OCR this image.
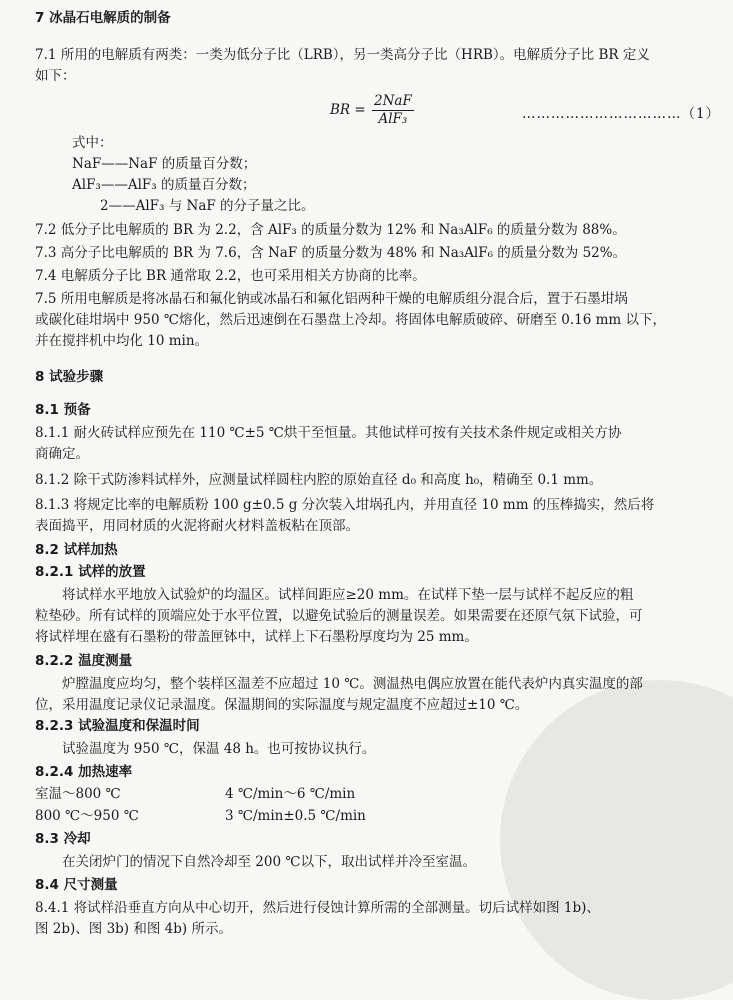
7 冰晶石电解质的制备
7.1 所用的电解质有两类：一类为低分子比（LRB），另一类高分子比（HRB）。电解质分子比 BR 定义
如下：
BR = $\frac{\text{2NaF}}{\text{AlF₃}}$	……………………………（1）
式中：
NaF——NaF 的质量百分数；
AlF₃——AlF₃ 的质量百分数；
2——AlF₃ 与 NaF 的分子量之比。
7.2 低分子比电解质的 BR 为 2.2，含 AlF₃ 的质量分数为 12% 和 Na₃AlF₆ 的质量分数为 88%。
7.3 高分子比电解质的 BR 为 7.6，含 NaF 的质量分数为 48% 和 Na₃AlF₆ 的质量分数为 52%。
7.4 电解质分子比 BR 通常取 2.2，也可采用相关方协商的比率。
7.5 所用电解质是将冰晶石和氟化钠或冰晶石和氟化铝两种干燥的电解质组分混合后，置于石墨坩埚
或碳化硅坩埚中 950 ℃熔化，然后迅速倒在石墨盘上冷却。将固体电解质破碎、研磨至 0.16 mm 以下，
并在搅拌机中均化 10 min。
8 试验步骤
8.1 预备
8.1.1 耐火砖试样应预先在 110 ℃±5 ℃烘干至恒量。其他试样可按有关技术条件规定或相关方协
商确定。
8.1.2 除干式防渗料试样外，应测量试样圆柱内腔的原始直径 d₀ 和高度 h₀，精确至 0.1 mm。
8.1.3 将规定比率的电解质粉 100 g±0.5 g 分次装入坩埚孔内，并用直径 10 mm 的压棒捣实，然后将
表面捣平，用同材质的火泥将耐火材料盖板粘在顶部。
8.2 试样加热
8.2.1 试样的放置
将试样水平地放入试验炉的均温区。试样间距应≥20 mm。在试样下垫一层与试样不起反应的粗
粒垫砂。所有试样的顶端应处于水平位置，以避免试验后的测量误差。如果需要在还原气氛下试验，可
将试样埋在盛有石墨粉的带盖匣钵中，试样上下石墨粉厚度均为 25 mm。
8.2.2 温度测量
炉膛温度应均匀，整个装样区温差不应超过 10 ℃。测温热电偶应放置在能代表炉内真实温度的部
位，采用温度记录仪记录温度。保温期间的实际温度与规定温度不应超过±10 ℃。
8.2.3 试验温度和保温时间
试验温度为 950 ℃，保温 48 h。也可按协议执行。
8.2.4 加热速率
室温～800 ℃	4 ℃/min～6 ℃/min
800 ℃～950 ℃	3 ℃/min±0.5 ℃/min
8.3 冷却
在关闭炉门的情况下自然冷却至 200 ℃以下，取出试样并冷至室温。
8.4 尺寸测量
8.4.1 将试样沿垂直方向从中心切开，然后进行侵蚀计算所需的全部测量。切后试样如图 1b)、
图 2b)、图 3b) 和图 4b) 所示。
